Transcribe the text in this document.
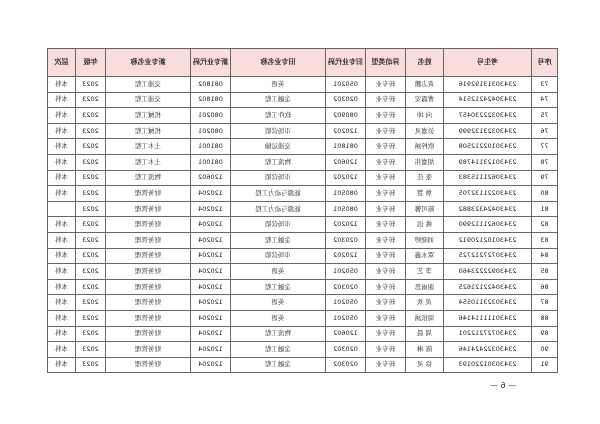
层次	年级	新专业名称	新专业代码	旧专业名称	旧专业代码	异动类型	姓名	考生号	序号

本科	2023	交通工程	081802	英语	050201	转专业	黄志鹏	23430313192916	73

本科	2023	交通工程	081802	金融工程	020302	转专业	曹露安	23430424212514	74

本科	2023	机械工程	080201	软件工程	080902	转专业	向 坤	23430322230457	75

本科	2023	机械工程	080201	市场营销	120202	转专业	彭嘉灵	23430323132999	76

本科	2023	土木工程	081001	交通运输	081801	转专业	欧梓涵	23430102212508	77

本科	2023	土木工程	081001	物流工程	120602	转专业	胡嘉伟	23430123114789	78

本科	2023	物流工程	120602	市场营销	120202	转专业	张 佳	23430621115383	79

本科	2023	财务管理	120204	能源与动力工程	080501	转专业	詹 慧	23430221132705	80

	2023	财务管理	120204	能源与动力工程	080501	转专业	陈可馨	23430424323882	81

本科	2023	财务管理	120204	市场营销	120202	转专业	姚 远	23430621112990	82

本科	2023	财务管理	120204	金融工程	020302	转专业	刘晓婷	23430102120912	83

本科	2023	财务管理	120204	市场营销	120202	转专业	覃永鑫	23430727212725	84

本科	2023	财务管理	120204	英语	050201	转专业	李 艺	23430922223460	85

本科	2023	财务管理	120204	金融工程	020302	转专业	谢雨思	23430422121625	86

本科	2023	财务管理	120204	英语	050201	转专业	黄 欢	23430323110554	87

本科	2023	财务管理	120204	英语	050201	转专业	周依涵	23430111114146	88

本科	2023	财务管理	120204	物流工程	120602	转专业	周 晨	23430727212201	89

本科	2023	财务管理	120204	金融工程	020302	转专业	陈 琳	23430322424146	90

本科	2023	财务管理	120204	金融工程	020302	转专业	徐 灵	23430301220193	91
— 6 —
